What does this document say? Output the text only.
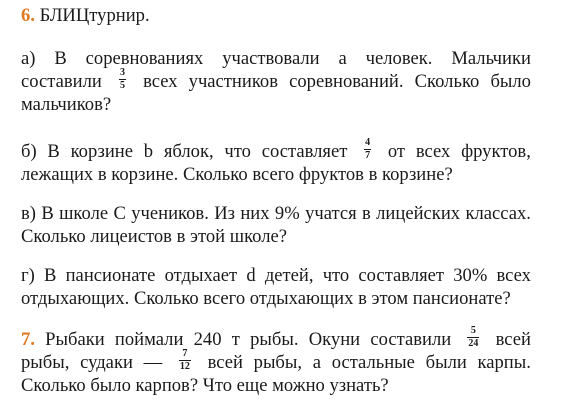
6. БЛИЦтурнир.
а) В соревнованиях участвовали а человек. Мальчики
составили $\frac{3}{5}$ всех участников соревнований. Сколько было
мальчиков?
б) В корзине b яблок, что составляет $\frac{4}{7}$ от всех фруктов,
лежащих в корзине. Сколько всего фруктов в корзине?
в) В школе С учеников. Из них 9% учатся в лицейских классах.
Сколько лицеистов в этой школе?
г) В пансионате отдыхает d детей, что составляет 30% всех
отдыхающих. Сколько всего отдыхающих в этом пансионате?
7. Рыбаки поймали 240 т рыбы. Окуни составили $\frac{5}{24}$ всей
рыбы, судаки — $\frac{7}{12}$ всей рыбы, а остальные были карпы.
Сколько было карпов? Что еще можно узнать?
